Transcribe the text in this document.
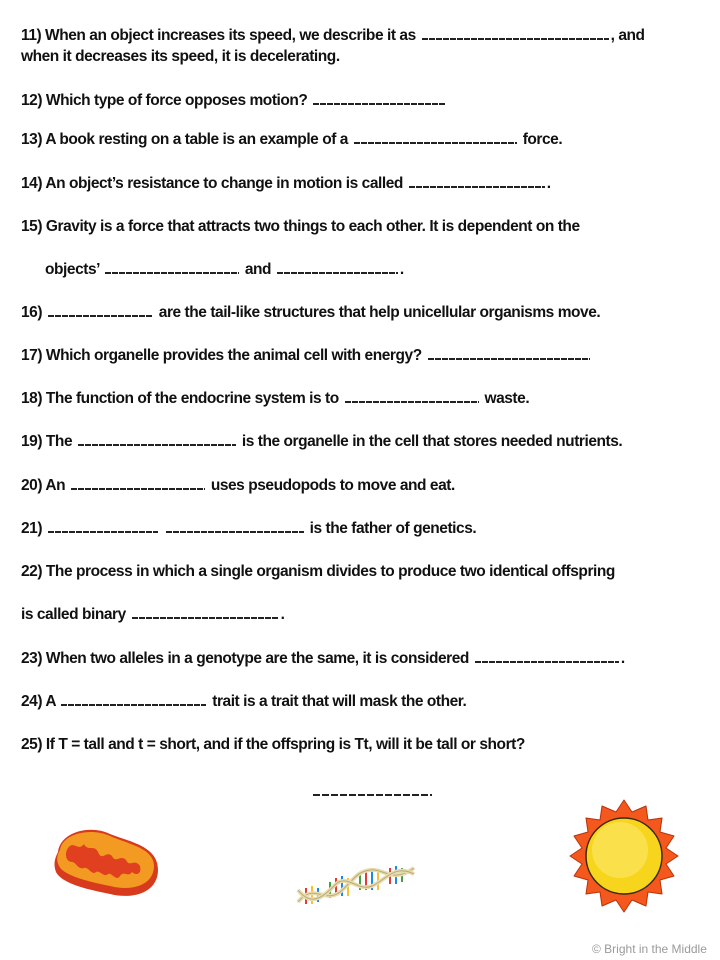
11) When an object increases its speed, we describe it as	, and
when it decreases its speed, it is decelerating.
12) Which type of force opposes motion?
13) A book resting on a table is an example of a	force.
14) An object’s resistance to change in motion is called	.
15) Gravity is a force that attracts two things to each other. It is dependent on the
objects’	and	.
16)	are the tail-like structures that help unicellular organisms move.
17) Which organelle provides the animal cell with energy?
18) The function of the endocrine system is to	waste.
19) The	is the organelle in the cell that stores needed nutrients.
20) An	uses pseudopods to move and eat.
21)	is the father of genetics.
22) The process in which a single organism divides to produce two identical offspring
is called binary	.
23) When two alleles in a genotype are the same, it is considered	.
24) A	trait is a trait that will mask the other.
25) If T = tall and t = short, and if the offspring is Tt, will it be tall or short?
© Bright in the Middle
